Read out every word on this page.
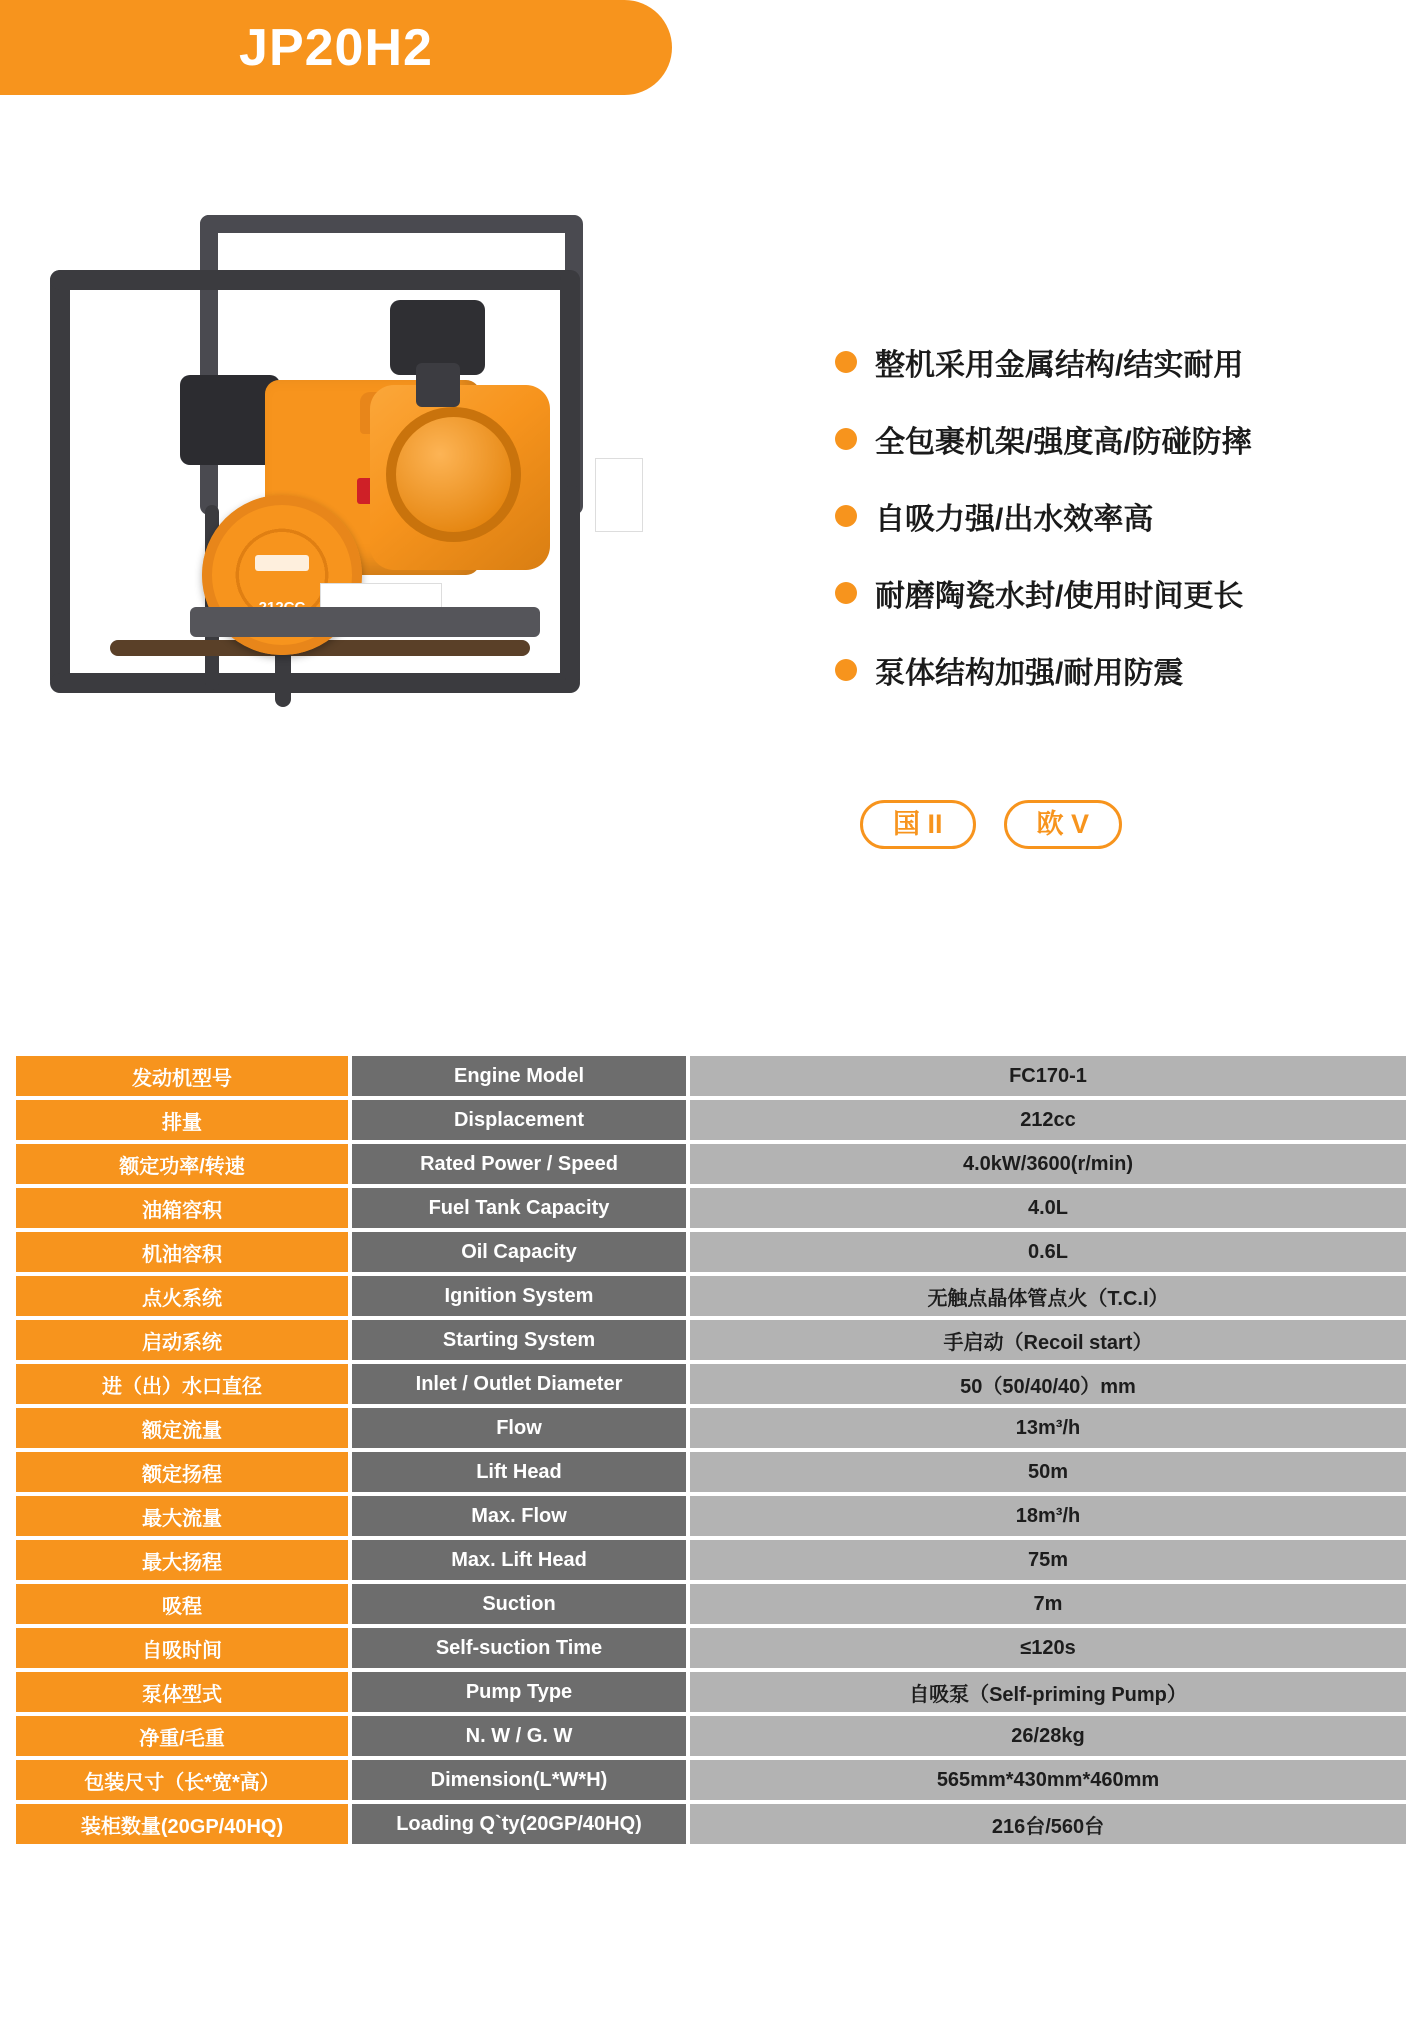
JP20H2
整机采用金属结构/结实耐用
全包裹机架/强度高/防碰防摔
自吸力强/出水效率高
耐磨陶瓷水封/使用时间更长
泵体结构加强/耐用防震
国 II	欧 V
发动机型号	Engine Model	FC170-1
排量	Displacement	212cc
额定功率/转速	Rated Power / Speed	4.0kW/3600(r/min)
油箱容积	Fuel Tank Capacity	4.0L
机油容积	Oil Capacity	0.6L
点火系统	Ignition System	无触点晶体管点火（T.C.I）
启动系统	Starting System	手启动（Recoil start）
进（出）水口直径	Inlet / Outlet Diameter	50（50/40/40）mm
额定流量	Flow	13m³/h
额定扬程	Lift Head	50m
最大流量	Max. Flow	18m³/h
最大扬程	Max. Lift Head	75m
吸程	Suction	7m
自吸时间	Self-suction Time	≤120s
泵体型式	Pump Type	自吸泵（Self-priming Pump）
净重/毛重	N. W / G. W	26/28kg
包装尺寸（长*宽*高）	Dimension(L*W*H)	565mm*430mm*460mm
装柜数量(20GP/40HQ)	Loading Q`ty(20GP/40HQ)	216台/560台
